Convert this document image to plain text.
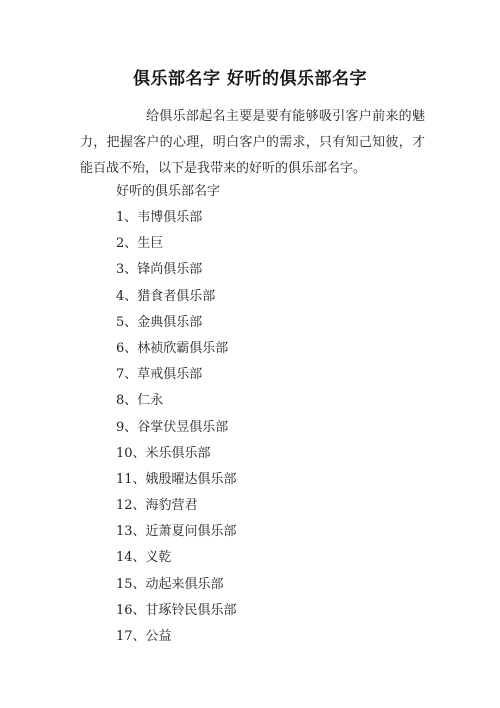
俱乐部名字 好听的俱乐部名字
给俱乐部起名主要是要有能够吸引客户前来的魅力，把握客户的心理，明白客户的需求，只有知己知彼，才能百战不殆，以下是我带来的好听的俱乐部名字。
好听的俱乐部名字
1、韦博俱乐部
2、生巨
3、锋尚俱乐部
4、猎食者俱乐部
5、金典俱乐部
6、林祯欣霸俱乐部
7、草戒俱乐部
8、仁永
9、谷掌伏昱俱乐部
10、米乐俱乐部
11、娥殷曜达俱乐部
12、海豹营君
13、近萧夏问俱乐部
14、义乾
15、动起来俱乐部
16、甘琢铃民俱乐部
17、公益
